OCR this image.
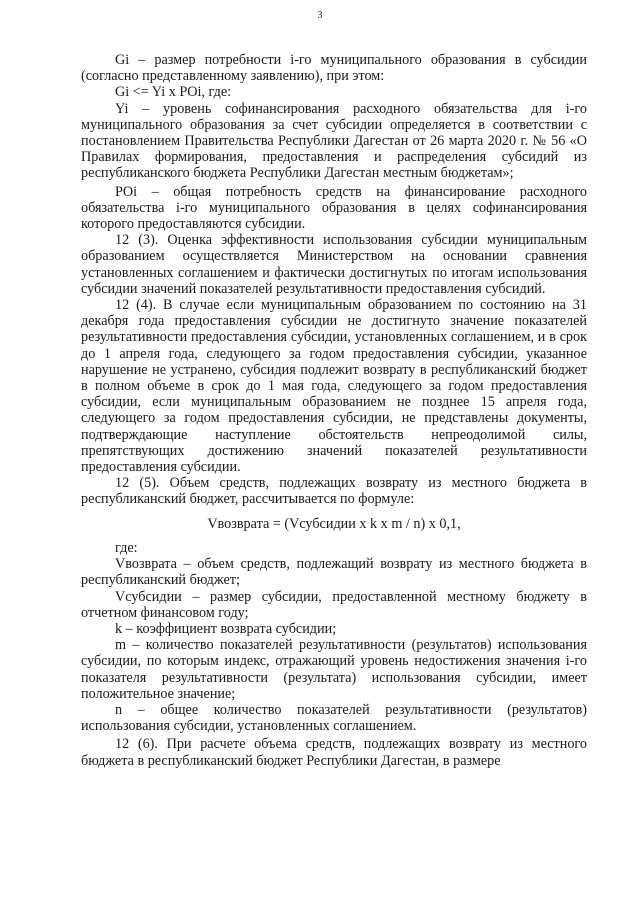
3

Gi – размер потребности i-го муниципального образования в субсидии (согласно представленному заявлению), при этом:

Gi <= Yi x POi, где:

Yi – уровень софинансирования расходного обязательства для i-го муниципального образования за счет субсидии определяется в соответствии с постановлением Правительства Республики Дагестан от 26 марта 2020 г. № 56 «О Правилах формирования, предоставления и распределения субсидий из республиканского бюджета Республики Дагестан местным бюджетам»;

POi – общая потребность средств на финансирование расходного обязательства i-го муниципального образования в целях софинансирования которого предоставляются субсидии.

12 (3). Оценка эффективности использования субсидии муниципальным образованием осуществляется Министерством на основании сравнения установленных соглашением и фактически достигнутых по итогам использования субсидии значений показателей результативности предоставления субсидий.

12 (4). В случае если муниципальным образованием по состоянию на 31 декабря года предоставления субсидии не достигнуто значение показателей результативности предоставления субсидии, установленных соглашением, и в срок до 1 апреля года, следующего за годом предоставления субсидии, указанное нарушение не устранено, субсидия подлежит возврату в республиканский бюджет в полном объеме в срок до 1 мая года, следующего за годом предоставления субсидии, если муниципальным образованием не позднее 15 апреля года, следующего за годом предоставления субсидии, не представлены документы, подтверждающие наступление обстоятельств непреодолимой силы, препятствующих достижению значений показателей результативности предоставления субсидии.

12 (5). Объем средств, подлежащих возврату из местного бюджета в республиканский бюджет, рассчитывается по формуле:

Vвозврата = (Vсубсидии x k x m / n) x 0,1,

где:

Vвозврата – объем средств, подлежащий возврату из местного бюджета в республиканский бюджет;

Vсубсидии – размер субсидии, предоставленной местному бюджету в отчетном финансовом году;

k – коэффициент возврата субсидии;

m – количество показателей результативности (результатов) использования субсидии, по которым индекс, отражающий уровень недостижения значения i-го показателя результативности (результата) использования субсидии, имеет положительное значение;

n – общее количество показателей результативности (результатов) использования субсидии, установленных соглашением.

12 (6). При расчете объема средств, подлежащих возврату из местного бюджета в республиканский бюджет Республики Дагестан, в размере
